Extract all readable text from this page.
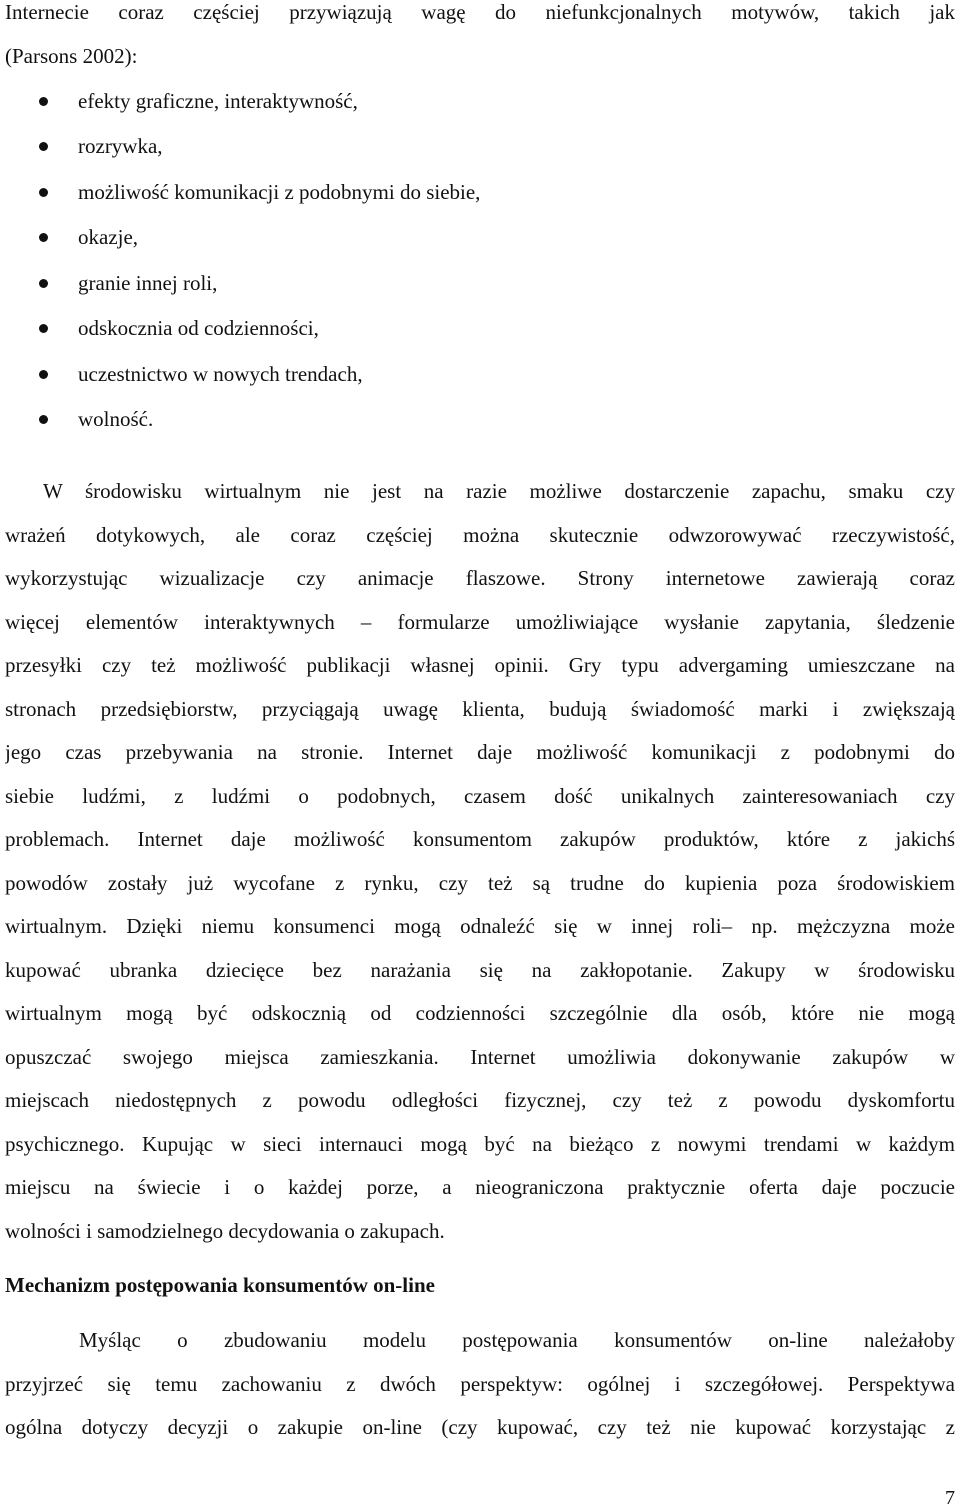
Internecie coraz częściej przywiązują wagę do niefunkcjonalnych motywów, takich jak
(Parsons 2002):
efekty graficzne, interaktywność,
rozrywka,
możliwość komunikacji z podobnymi do siebie,
okazje,
granie innej roli,
odskocznia od codzienności,
uczestnictwo w nowych trendach,
wolność.
W środowisku wirtualnym nie jest na razie możliwe dostarczenie zapachu, smaku czy
wrażeń dotykowych, ale coraz częściej można skutecznie odwzorowywać rzeczywistość,
wykorzystując wizualizacje czy animacje flaszowe. Strony internetowe zawierają coraz
więcej elementów interaktywnych – formularze umożliwiające wysłanie zapytania, śledzenie
przesyłki czy też możliwość publikacji własnej opinii. Gry typu advergaming umieszczane na
stronach przedsiębiorstw, przyciągają uwagę klienta, budują świadomość marki i zwiększają
jego czas przebywania na stronie. Internet daje możliwość komunikacji z podobnymi do
siebie ludźmi, z ludźmi o podobnych, czasem dość unikalnych zainteresowaniach czy
problemach. Internet daje możliwość konsumentom zakupów produktów, które z jakichś
powodów zostały już wycofane z rynku, czy też są trudne do kupienia poza środowiskiem
wirtualnym. Dzięki niemu konsumenci mogą odnaleźć się w innej roli– np. mężczyzna może
kupować ubranka dziecięce bez narażania się na zakłopotanie. Zakupy w środowisku
wirtualnym mogą być odskocznią od codzienności szczególnie dla osób, które nie mogą
opuszczać swojego miejsca zamieszkania. Internet umożliwia dokonywanie zakupów w
miejscach niedostępnych z powodu odległości fizycznej, czy też z powodu dyskomfortu
psychicznego. Kupując w sieci internauci mogą być na bieżąco z nowymi trendami w każdym
miejscu na świecie i o każdej porze, a nieograniczona praktycznie oferta daje poczucie
wolności i samodzielnego decydowania o zakupach.
Mechanizm postępowania konsumentów on-line
Myśląc o zbudowaniu modelu postępowania konsumentów on-line należałoby
przyjrzeć się temu zachowaniu z dwóch perspektyw: ogólnej i szczegółowej. Perspektywa
ogólna dotyczy decyzji o zakupie on-line (czy kupować, czy też nie kupować korzystając z
7
